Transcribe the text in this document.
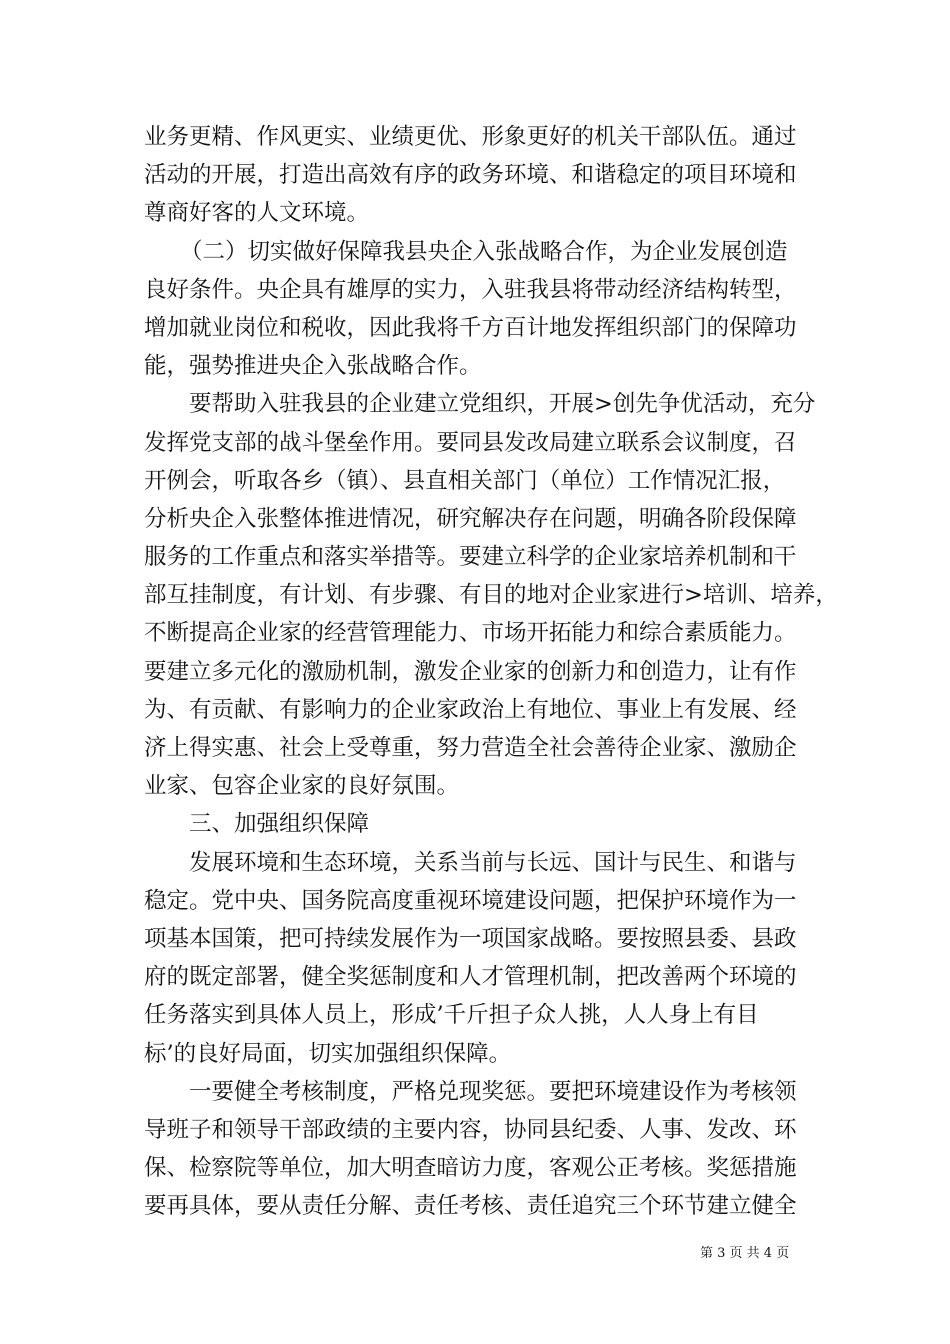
业务更精、作风更实、业绩更优、形象更好的机关干部队伍。通过
活动的开展，打造出高效有序的政务环境、和谐稳定的项目环境和
尊商好客的人文环境。
（二）切实做好保障我县央企入张战略合作，为企业发展创造
良好条件。央企具有雄厚的实力，入驻我县将带动经济结构转型，
增加就业岗位和税收，因此我将千方百计地发挥组织部门的保障功
能，强势推进央企入张战略合作。
要帮助入驻我县的企业建立党组织，开展>创先争优活动，充分
发挥党支部的战斗堡垒作用。要同县发改局建立联系会议制度，召
开例会，听取各乡（镇）、县直相关部门（单位）工作情况汇报，
分析央企入张整体推进情况，研究解决存在问题，明确各阶段保障
服务的工作重点和落实举措等。要建立科学的企业家培养机制和干
部互挂制度，有计划、有步骤、有目的地对企业家进行>培训、培养，
不断提高企业家的经营管理能力、市场开拓能力和综合素质能力。
要建立多元化的激励机制，激发企业家的创新力和创造力，让有作
为、有贡献、有影响力的企业家政治上有地位、事业上有发展、经
济上得实惠、社会上受尊重，努力营造全社会善待企业家、激励企
业家、包容企业家的良好氛围。
三、加强组织保障
发展环境和生态环境，关系当前与长远、国计与民生、和谐与
稳定。党中央、国务院高度重视环境建设问题，把保护环境作为一
项基本国策，把可持续发展作为一项国家战略。要按照县委、县政
府的既定部署，健全奖惩制度和人才管理机制，把改善两个环境的
任务落实到具体人员上，形成’千斤担子众人挑，人人身上有目
标’的良好局面，切实加强组织保障。
一要健全考核制度，严格兑现奖惩。要把环境建设作为考核领
导班子和领导干部政绩的主要内容，协同县纪委、人事、发改、环
保、检察院等单位，加大明查暗访力度，客观公正考核。奖惩措施
要再具体，要从责任分解、责任考核、责任追究三个环节建立健全
第 3 页 共 4 页
